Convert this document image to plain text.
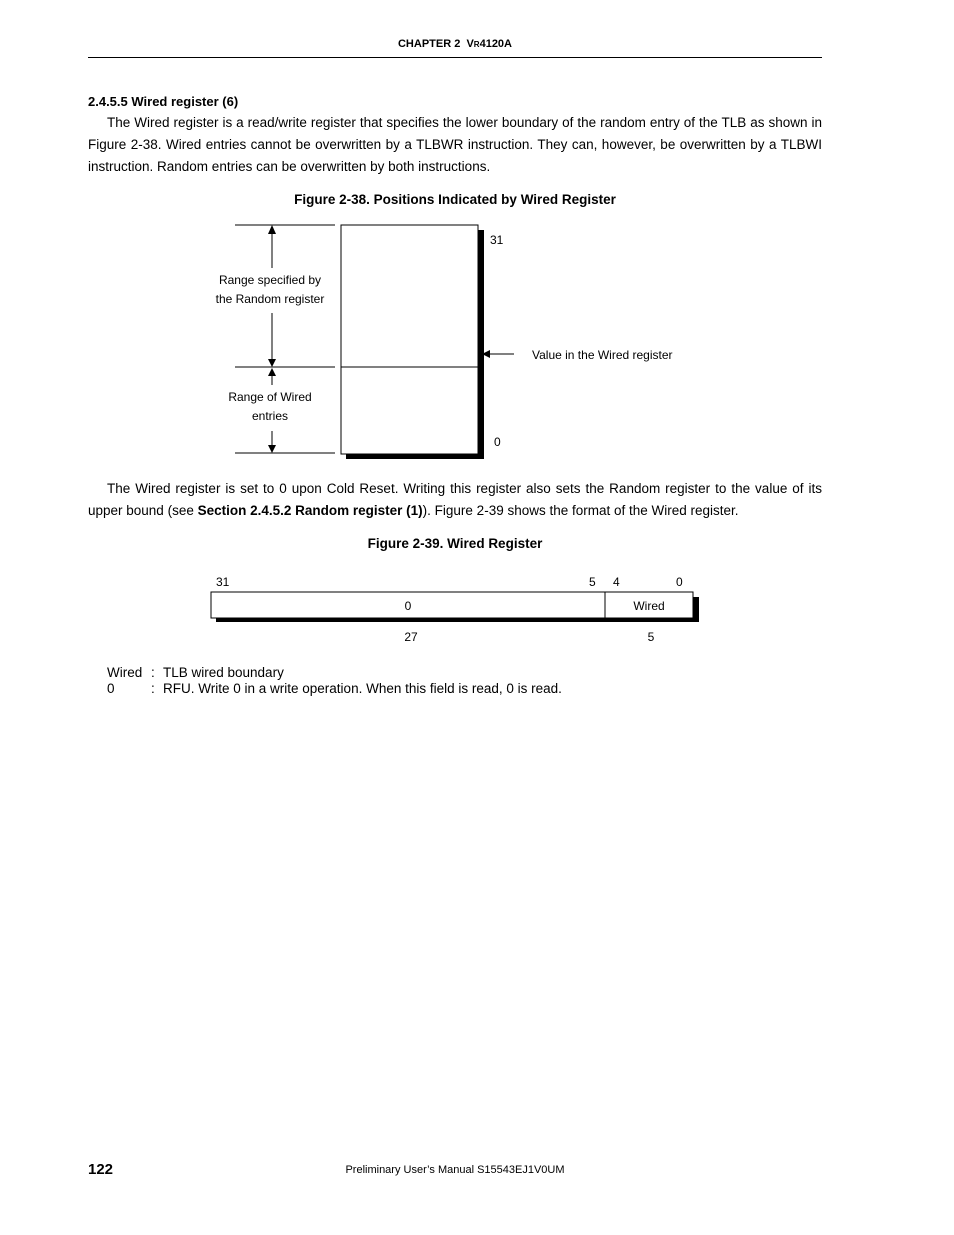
CHAPTER 2 VR4120A
2.4.5.5 Wired register (6)
The Wired register is a read/write register that specifies the lower boundary of the random entry of the TLB as shown in Figure 2-38. Wired entries cannot be overwritten by a TLBWR instruction. They can, however, be overwritten by a TLBWI instruction. Random entries can be overwritten by both instructions.
Figure 2-38. Positions Indicated by Wired Register
Range specified by
the Random register
Range of Wired
entries
31
0
Value in the Wired register
The Wired register is set to 0 upon Cold Reset. Writing this register also sets the Random register to the value of its upper bound (see Section 2.4.5.2 Random register (1)). Figure 2-39 shows the format of the Wired register.
Figure 2-39. Wired Register
31	5 4	0
0	Wired
27	5
Wired : TLB wired boundary
0	: RFU. Write 0 in a write operation. When this field is read, 0 is read.
122	Preliminary User’s Manual S15543EJ1V0UM
